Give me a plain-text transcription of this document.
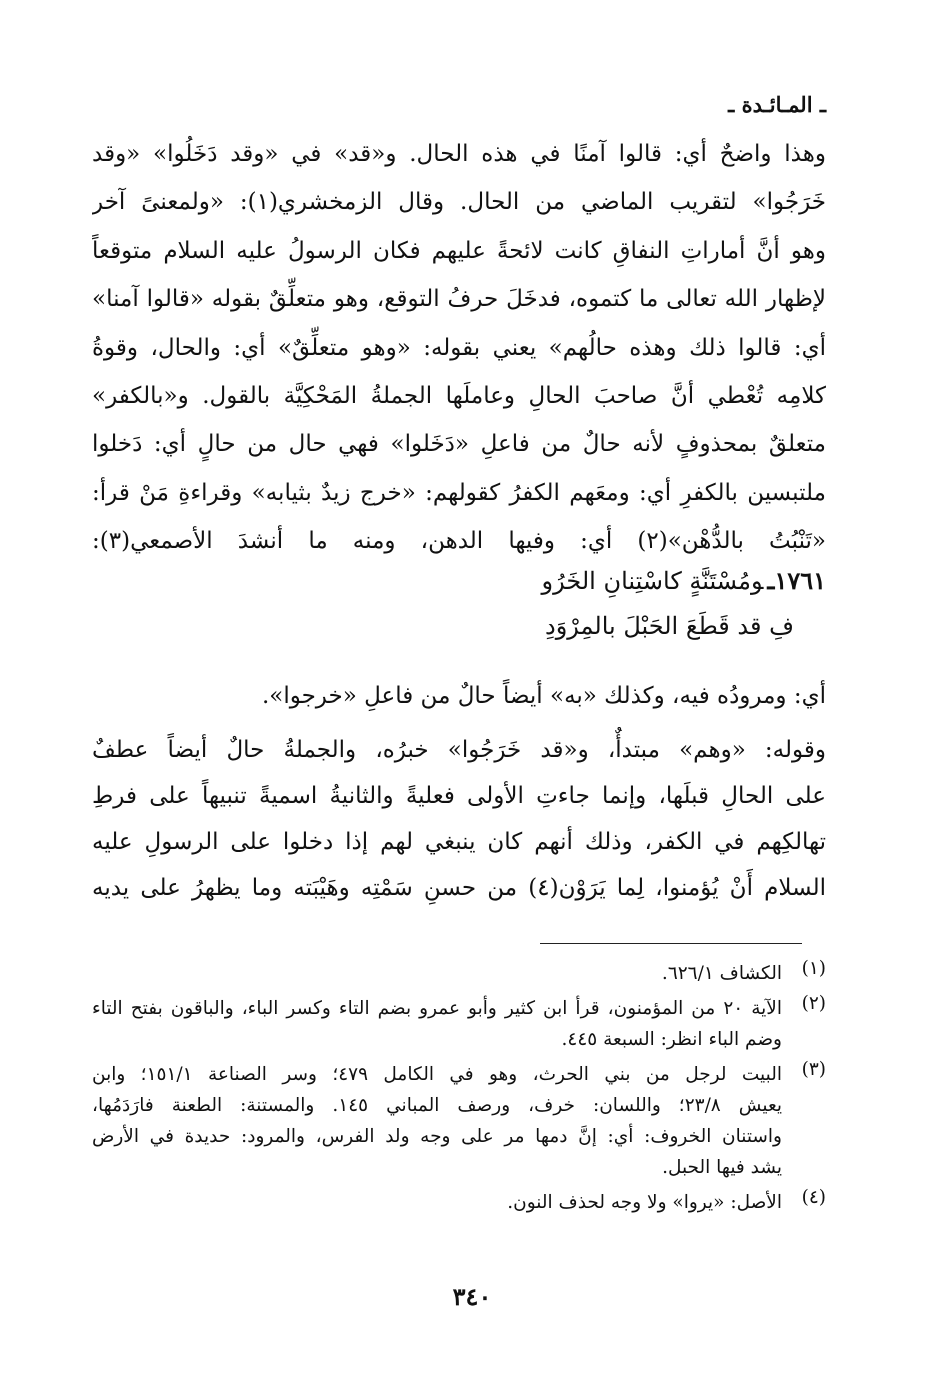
ـ المـائـدة ـ
وهذا واضحٌ أي: قالوا آمنًا في هذه الحال. و«قد» في «وقد دَخَلُوا» «وقد
خَرَجُوا» لتقريب الماضي من الحال. وقال الزمخشري(١): «ولمعنىً آخر
وهو أنَّ أماراتِ النفاقِ كانت لائحةً عليهم فكان الرسولُ عليه السلام متوقعاً
لإظهار الله تعالى ما كتموه، فدخَلَ حرفُ التوقع، وهو متعلِّقٌ بقوله «قالوا آمنا»
أي: قالوا ذلك وهذه حالُهم» يعني بقوله: «وهو متعلِّقٌ» أي: والحال، وقوةُ
كلامِه تُعْطي أنَّ صاحبَ الحالِ وعاملَها الجملةُ المَحْكِيَّة بالقول. و«بالكفر»
متعلقٌ بمحذوفٍ لأنه حالٌ من فاعلِ «دَخَلوا» فهي حال من حالٍ أي: دَخلوا
ملتبسين بالكفرِ أي: ومعَهم الكفرُ كقولهم: «خرج زيدٌ بثيابه» وقراءةِ مَنْ قرأ:
«تَنْبُتُ بالدُّهْن»(٢) أي: وفيها الدهن، ومنه ما أنشدَ الأصمعي(٣):
١٧٦١ـومُسْتَنَّةٍ كاسْتِنانِ الخَرُو
فِ قد قَطَعَ الحَبْلَ بالمِرْوَدِ
أي: ومرودُه فيه، وكذلك «به» أيضاً حالٌ من فاعلِ «خرجوا».
وقوله: «وهم» مبتدأٌ، و«قد خَرَجُوا» خبرُه، والجملةُ حالٌ أيضاً عطفٌ
على الحالِ قبلَها، وإنما جاءتِ الأولى فعليةً والثانيةُ اسميةً تنبيهاً على فرطِ
تهالكِهم في الكفر، وذلك أنهم كان ينبغي لهم إذا دخلوا على الرسولِ عليه
السلام أَنْ يُؤمنوا، لِما يَرَوْن(٤) من حسنِ سَمْتِه وهَيْبَته وما يظهرُ على يديه
(١)
الكشاف ٦٢٦/١.
(٢)
الآية ٢٠ من المؤمنون، قرأ ابن كثير وأبو عمرو بضم التاء وكسر الباء، والباقون بفتح التاء
وضم الباء انظر: السبعة ٤٤٥.
(٣)
البيت لرجل من بني الحرث، وهو في الكامل ٤٧٩؛ وسر الصناعة ١٥١/١؛ وابن
يعيش ٢٣/٨؛ واللسان: خرف، ورصف المباني ١٤٥. والمستنة: الطعنة فارَدَمُها،
واستنان الخروف: أي: إنَّ دمها مر على وجه ولد الفرس، والمرود: حديدة في الأرض
يشد فيها الحبل.
(٤)
الأصل: «يروا» ولا وجه لحذف النون.
٣٤٠
